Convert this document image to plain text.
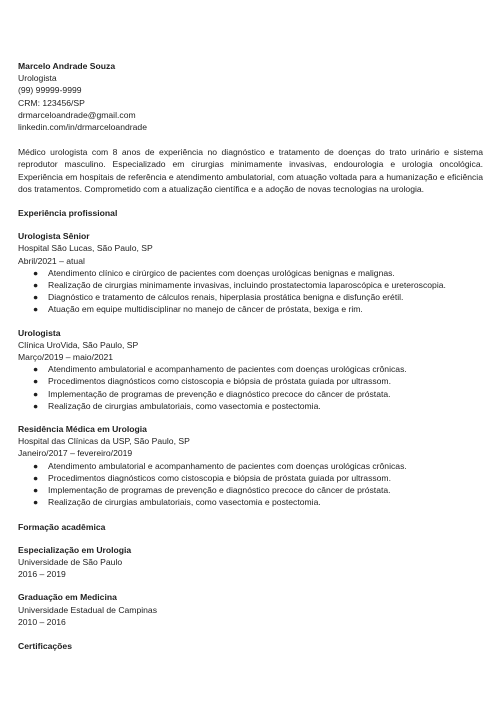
Marcelo Andrade Souza
Urologista
(99) 99999-9999
CRM: 123456/SP
drmarceloandrade@gmail.com
linkedin.com/in/drmarceloandrade
Médico urologista com 8 anos de experiência no diagnóstico e tratamento de doenças do trato urinário e sistema reprodutor masculino. Especializado em cirurgias minimamente invasivas, endourologia e urologia oncológica. Experiência em hospitais de referência e atendimento ambulatorial, com atuação voltada para a humanização e eficiência dos tratamentos. Comprometido com a atualização científica e a adoção de novas tecnologias na urologia.
Experiência profissional
Urologista Sênior
Hospital São Lucas, São Paulo, SP
Abril/2021 – atual
● Atendimento clínico e cirúrgico de pacientes com doenças urológicas benignas e malignas.
● Realização de cirurgias minimamente invasivas, incluindo prostatectomia laparoscópica e ureteroscopia.
● Diagnóstico e tratamento de cálculos renais, hiperplasia prostática benigna e disfunção erétil.
● Atuação em equipe multidisciplinar no manejo de câncer de próstata, bexiga e rim.
Urologista
Clínica UroVida, São Paulo, SP
Março/2019 – maio/2021
● Atendimento ambulatorial e acompanhamento de pacientes com doenças urológicas crônicas.
● Procedimentos diagnósticos como cistoscopia e biópsia de próstata guiada por ultrassom.
● Implementação de programas de prevenção e diagnóstico precoce do câncer de próstata.
● Realização de cirurgias ambulatoriais, como vasectomia e postectomia.
Residência Médica em Urologia
Hospital das Clínicas da USP, São Paulo, SP
Janeiro/2017 – fevereiro/2019
● Atendimento ambulatorial e acompanhamento de pacientes com doenças urológicas crônicas.
● Procedimentos diagnósticos como cistoscopia e biópsia de próstata guiada por ultrassom.
● Implementação de programas de prevenção e diagnóstico precoce do câncer de próstata.
● Realização de cirurgias ambulatoriais, como vasectomia e postectomia.
Formação acadêmica
Especialização em Urologia
Universidade de São Paulo
2016 – 2019
Graduação em Medicina
Universidade Estadual de Campinas
2010 – 2016
Certificações
